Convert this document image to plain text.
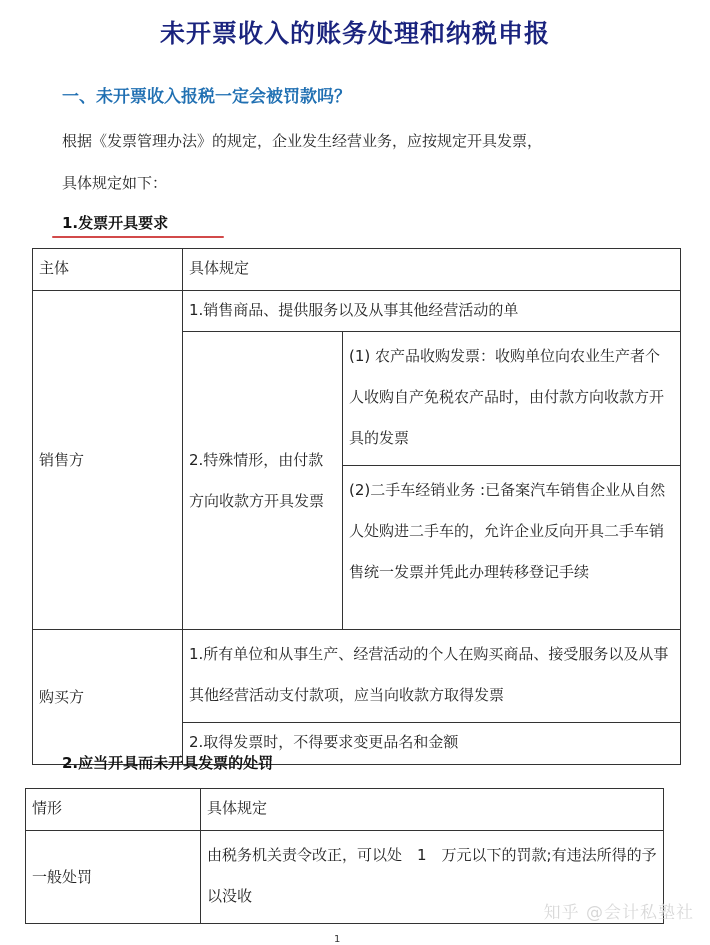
未开票收入的账务处理和纳税申报
一、未开票收入报税一定会被罚款吗？
根据《发票管理办法》的规定，企业发生经营业务，应按规定开具发票，
具体规定如下：
1.发票开具要求
主体	具体规定	
销售方	1.销售商品、提供服务以及从事其他经营活动的单	
	2.特殊情形，由付款方向收款方开具发票	(1) 农产品收购发票：收购单位向农业生产者个人收购自产免税农产品时，由付款方向收款方开具的发票
		(2)二手车经销业务 :已备案汽车销售企业从自然人处购进二手车的，允许企业反向开具二手车销售统一发票并凭此办理转移登记手续
购买方	1.所有单位和从事生产、经营活动的个人在购买商品、接受服务以及从事其他经营活动支付款项，应当向收款方取得发票	
	2.取得发票时，不得要求变更品名和金额	
2.应当开具而未开具发票的处罚
情形	具体规定
一般处罚	由税务机关责令改正，可以处　1　万元以下的罚款;有违法所得的予以没收
知乎 @会计私塾社
1
